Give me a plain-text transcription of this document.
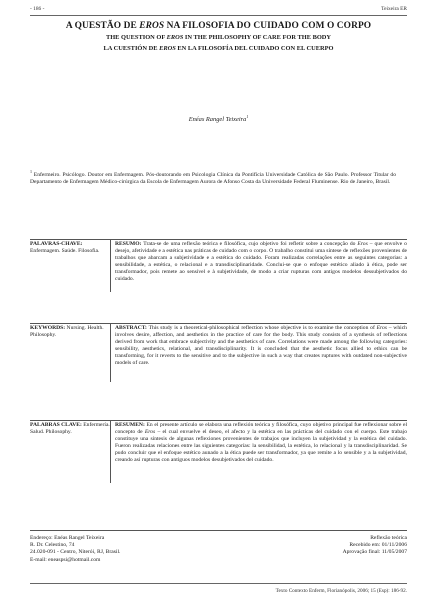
- 186 -	Teixeira ER
A QUESTÃO DE EROS NA FILOSOFIA DO CUIDADO COM O CORPO
THE QUESTION OF EROS IN THE PHILOSOPHY OF CARE FOR THE BODY
LA CUESTIÓN DE EROS EN LA FILOSOFÍA DEL CUIDADO CON EL CUERPO
Enéas Rangel Teixeira$^1$
$^1$ Enfermeiro. Psicólogo. Doutor em Enfermagem. Pós-doutorando em Psicologia Clínica da Pontifícia Universidade Católica de São Paulo. Professor Titular do Departamento de Enfermagem Médico-cirúrgica da Escola de Enfermagem Aurora de Afonso Costa da Universidade Federal Fluminense. Rio de Janeiro, Brasil.
PALAVRAS-CHAVE: Enfermagem. Saúde. Filosofia.
RESUMO: Trata-se de uma reflexão teórica e filosófica, cujo objetivo foi refletir sobre a concepção do Eros – que envolve o desejo, afetividade e a estética nas práticas de cuidado com o corpo. O trabalho constitui uma síntese de reflexões provenientes de trabalhos que abarcam a subjetividade e a estética do cuidado. Foram realizadas correlações entre as seguintes categorias: a sensibilidade, a estética, o relacional e a transdisciplinaridade. Conclui-se que o enfoque estético aliado à ética, pode ser transformador, pois remete ao sensível e à subjetividade, de modo a criar rupturas com antigos modelos dessubjetivados do cuidado.
KEYWORDS: Nursing. Health. Philosophy.
ABSTRACT: This study is a theoretical-philosophical reflection whose objective is to examine the conception of Eros – which involves desire, affection, and aesthetics in the practice of care for the body. This study consists of a synthesis of reflections derived from work that embrace subjectivity and the aesthetics of care. Correlations were made among the following categories: sensibility, aesthetics, relational, and transdisciplinarity. It is concluded that the aesthetic focus allied to ethics can be transforming, for it reverts to the sensitive and to the subjective in such a way that creates ruptures with outdated non-subjective models of care.
PALABRAS CLAVE: Enfermería. Salud. Philosophy.
RESUMEN: En el presente artículo se elabora una reflexión teórica y filosófica, cuyo objetivo principal fue reflexionar sobre el concepto de Eros – el cual envuelve el deseo, el afecto y la estética en las prácticas del cuidado con el cuerpo. Este trabajo constituye una síntesis de algunas reflexiones provenientes de trabajos que incluyen la subjetividad y la estética del cuidado. Fueron realizadas relaciones entre las siguientes categorías: la sensibilidad, la estética, lo relacional y la transdisciplinaridad. Se pudo concluir que el enfoque estético aunado a la ética puede ser transformador, ya que remite a lo sensible y a la subjetividad, creando así rupturas con antiguos modelos desubjetivados del cuidado.
Endereço: Enéas Rangel Teixeira
R. Dr. Celestino, 74
24.020-091 - Centro, Niterói, RJ, Brasil.
E-mail: eneaspsi@hotmail.com
Reflexão teórica
Recebido em: 01/11/2006
Aprovação final: 11/05/2007
Texto Contexto Enferm, Florianópolis, 2006; 15 (Esp): 186-92.
